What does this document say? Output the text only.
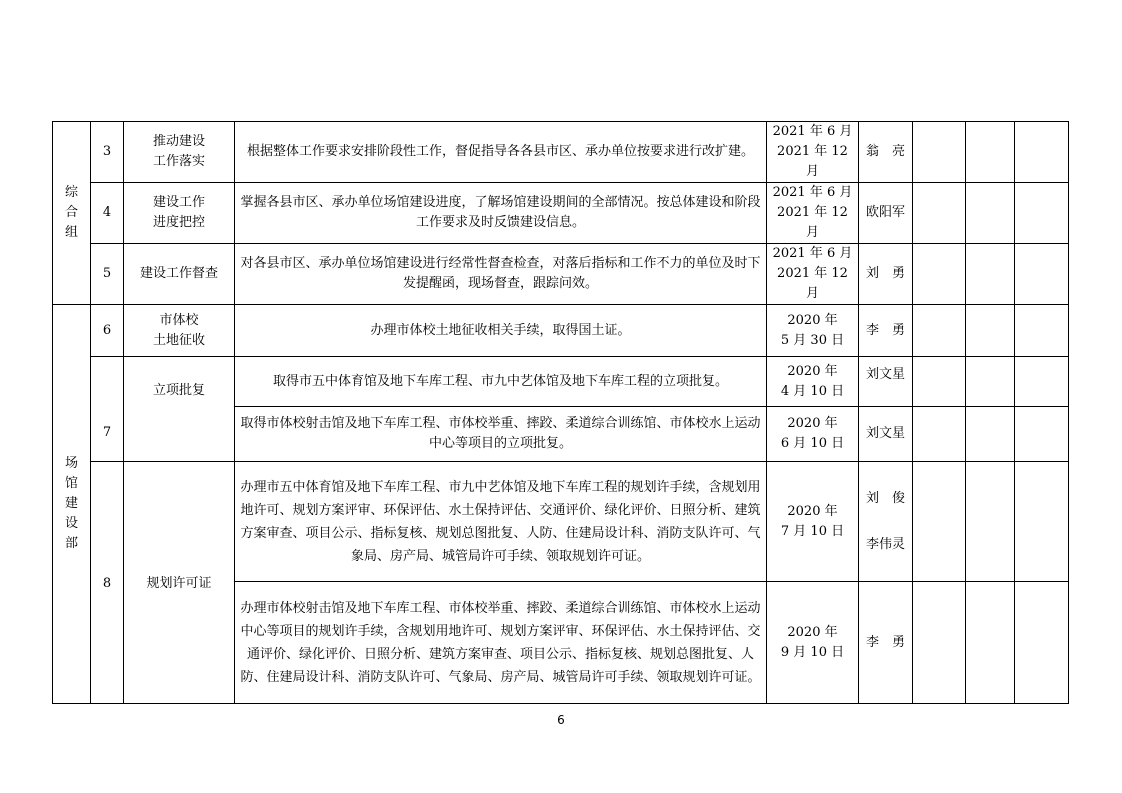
综
合
组	3	推动建设
工作落实	根据整体工作要求安排阶段性工作，督促指导各各县市区、承办单位按要求进行改扩建。	2021 年 6 月
2021 年 12 月	翁　亮			

	4	建设工作
进度把控	掌握各县市区、承办单位场馆建设进度，了解场馆建设期间的全部情况。按总体建设和阶段工作要求及时反馈建设信息。	2021 年 6 月
2021 年 12 月	欧阳军			

	5	建设工作督查	对各县市区、承办单位场馆建设进行经常性督查检查，对落后指标和工作不力的单位及时下发提醒函，现场督查，跟踪问效。	2021 年 6 月
2021 年 12 月	刘　勇			

场
馆
建
设
部	6	市体校
土地征收	办理市体校土地征收相关手续，取得国土证。	2020 年
5 月 30 日	李　勇			

	7	立项批复	取得市五中体育馆及地下车库工程、市九中艺体馆及地下车库工程的立项批复。	2020 年
4 月 10 日	刘文星			

			取得市体校射击馆及地下车库工程、市体校举重、摔跤、柔道综合训练馆、市体校水上运动中心等项目的立项批复。	2020 年
6 月 10 日	刘文星			

	8	规划许可证	办理市五中体育馆及地下车库工程、市九中艺体馆及地下车库工程的规划许手续，含规划用地许可、规划方案评审、环保评估、水土保持评估、交通评价、绿化评价、日照分析、建筑方案审查、项目公示、指标复核、规划总图批复、人防、住建局设计科、消防支队许可、气象局、房产局、城管局许可手续、领取规划许可证。	2020 年
7 月 10 日	刘　俊
李伟灵			

			办理市体校射击馆及地下车库工程、市体校举重、摔跤、柔道综合训练馆、市体校水上运动中心等项目的规划许手续，含规划用地许可、规划方案评审、环保评估、水土保持评估、交通评价、绿化评价、日照分析、建筑方案审查、项目公示、指标复核、规划总图批复、人防、住建局设计科、消防支队许可、气象局、房产局、城管局许可手续、领取规划许可证。	2020 年
9 月 10 日	李　勇			

6
